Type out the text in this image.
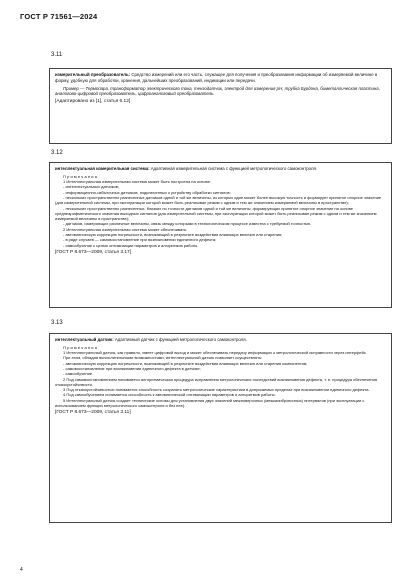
ГОСТ Р 71561—2024
3.11

измерительный преобразователь: Средство измерений или его часть, служащее для получения и преобразования информации об измеряемой величине в форму, удобную для обработки, хранения, дальнейших преобразований, индикации или передачи.

Пример — Термопара, трансформатор электрического тока, тензодатчик, электрод для измерения pH, трубка Бурдона, биметаллическая пластина, аналогово-цифровой преобразователь, цифроаналоговый преобразователь.

[Адаптировано из [1], статья 6.12]

3.12

интеллектуальная измерительная система: Адаптивная измерительная система с функцией метрологического самоконтроля.

Примечания

1 Интеллектуальная измерительная система может быть построена на основе:

- интеллектуальных датчиков;

- информационно-избыточных датчиков, подключенных к устройству обработки сигналов;

- нескольких пространственно разнесенных датчиков одной и той же величины, из которых один может более высокую точность и формирует принятое опорное значение (для измерительной системы, при эксплуатации которой может быть реализован режим с одним и тем же значением измеряемой величины в пространстве);

- нескольких пространственно разнесенных, близких по точности датчиков одной и той же величины, формирующих принятое опорное значение на основе среднеарифметического значения выходных сигналов (для измерительной системы, при эксплуатации которой может быть реализован режим с одним и тем же значением измеряемой величины в пространстве);

- датчиков, измеряющих различные величины, связь между которыми в технологическом процессе известна с требуемой точностью.

2 Интеллектуальная измерительная система может обеспечивать:

- автоматическую коррекцию погрешности, возникающей в результате воздействия влияющих величин или старения;

- в ряде случаев — самовосстановление при возникновении единичного дефекта;

- самообучение с целью оптимизации параметров и алгоритмов работы.

[ГОСТ Р 8.673—2009, статья 3.17]

3.13

интеллектуальный датчик: Адаптивный датчик с функцией метрологического самоконтроля.

Примечания

1 Интеллектуальный датчик, как правило, имеет цифровой выход и может обеспечивать передачу информации о метрологической исправности через интерфейс.

При этом, обладая вычислительными возможностями, интеллектуальный датчик позволяет осуществлять:

- автоматическую коррекцию погрешности, возникающей в результате воздействия влияющих величин или старения компонентов;

- самовосстановление при возникновении единичного дефекта в датчике;

- самообучение.

2 Под самовосстановлением понимается алгоритмическая процедура исправления метрологических последствий возникновения дефекта, т. е. процедура обеспечения отказоустойчивости.

3 Под отказоустойчивостью понимается способность сохранять метрологические характеристики в допускаемых пределах при возникновении единичного дефекта.

4 Под самообучением понимается способность к автоматической оптимизации параметров и алгоритмов работы.

5 Интеллектуальный датчик создает технические основы для установления двух значений межповерочных (межкалибровочных) интервалов (при эксплуатации с использованием функции метрологического самоконтроля и без нее).

[ГОСТ Р 8.673—2009, статья 3.11]

4
